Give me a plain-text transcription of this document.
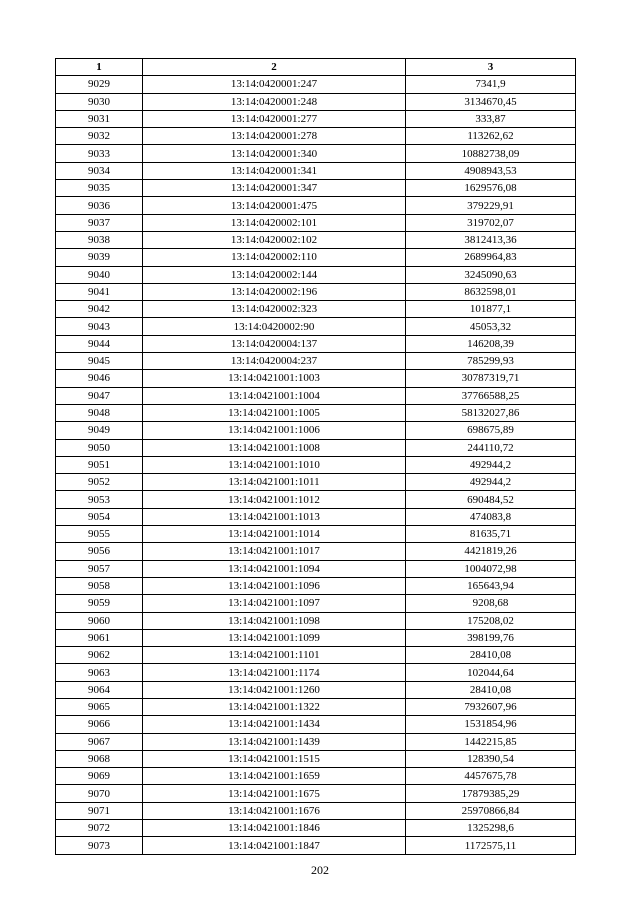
1	2	3
9029	13:14:0420001:247	7341,9
9030	13:14:0420001:248	3134670,45
9031	13:14:0420001:277	333,87
9032	13:14:0420001:278	113262,62
9033	13:14:0420001:340	10882738,09
9034	13:14:0420001:341	4908943,53
9035	13:14:0420001:347	1629576,08
9036	13:14:0420001:475	379229,91
9037	13:14:0420002:101	319702,07
9038	13:14:0420002:102	3812413,36
9039	13:14:0420002:110	2689964,83
9040	13:14:0420002:144	3245090,63
9041	13:14:0420002:196	8632598,01
9042	13:14:0420002:323	101877,1
9043	13:14:0420002:90	45053,32
9044	13:14:0420004:137	146208,39
9045	13:14:0420004:237	785299,93
9046	13:14:0421001:1003	30787319,71
9047	13:14:0421001:1004	37766588,25
9048	13:14:0421001:1005	58132027,86
9049	13:14:0421001:1006	698675,89
9050	13:14:0421001:1008	244110,72
9051	13:14:0421001:1010	492944,2
9052	13:14:0421001:1011	492944,2
9053	13:14:0421001:1012	690484,52
9054	13:14:0421001:1013	474083,8
9055	13:14:0421001:1014	81635,71
9056	13:14:0421001:1017	4421819,26
9057	13:14:0421001:1094	1004072,98
9058	13:14:0421001:1096	165643,94
9059	13:14:0421001:1097	9208,68
9060	13:14:0421001:1098	175208,02
9061	13:14:0421001:1099	398199,76
9062	13:14:0421001:1101	28410,08
9063	13:14:0421001:1174	102044,64
9064	13:14:0421001:1260	28410,08
9065	13:14:0421001:1322	7932607,96
9066	13:14:0421001:1434	1531854,96
9067	13:14:0421001:1439	1442215,85
9068	13:14:0421001:1515	128390,54
9069	13:14:0421001:1659	4457675,78
9070	13:14:0421001:1675	17879385,29
9071	13:14:0421001:1676	25970866,84
9072	13:14:0421001:1846	1325298,6
9073	13:14:0421001:1847	1172575,11
202
